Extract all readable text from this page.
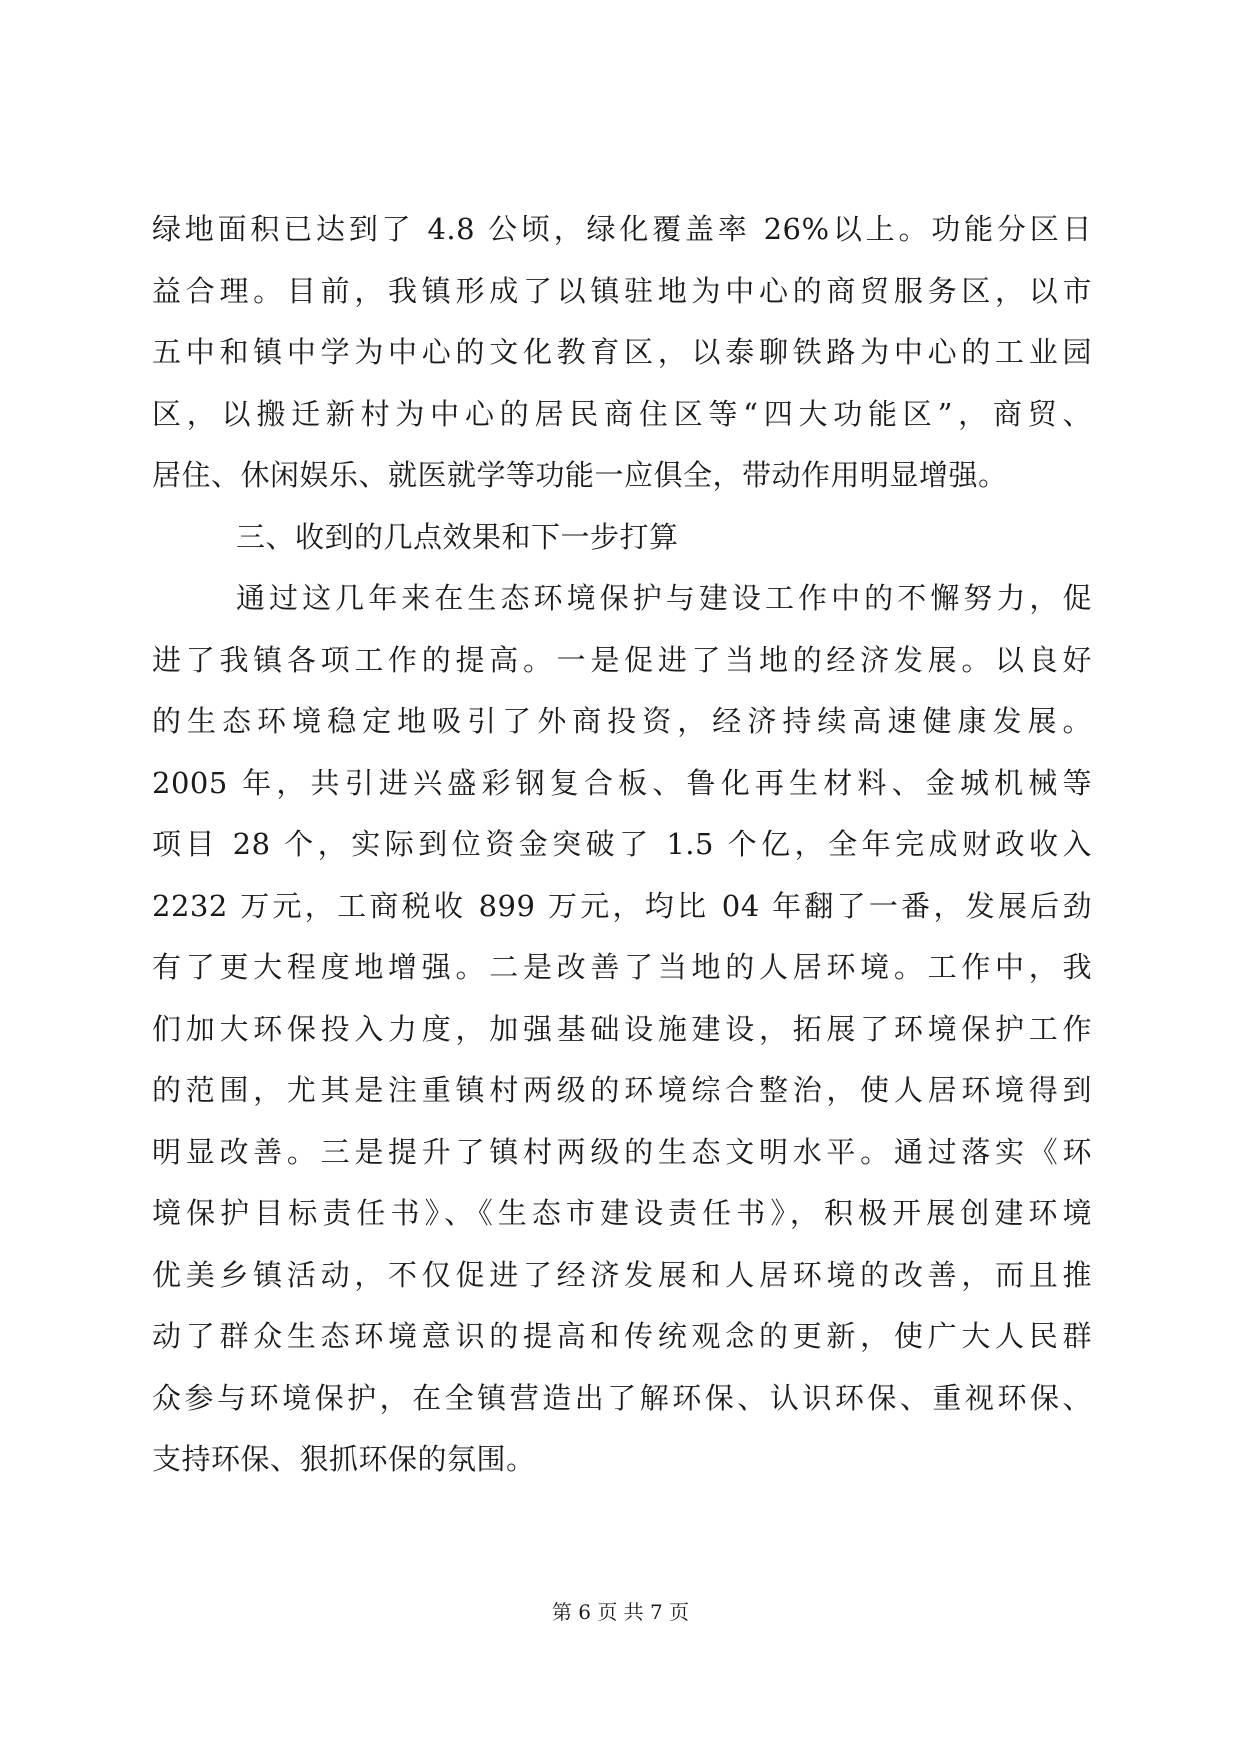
绿地面积已达到了 4.8 公顷，绿化覆盖率 26%以上。功能分区日
益合理。目前，我镇形成了以镇驻地为中心的商贸服务区，以市
五中和镇中学为中心的文化教育区，以泰聊铁路为中心的工业园
区，以搬迁新村为中心的居民商住区等“四大功能区”，商贸、
居住、休闲娱乐、就医就学等功能一应俱全，带动作用明显增强。
三、收到的几点效果和下一步打算
通过这几年来在生态环境保护与建设工作中的不懈努力，促
进了我镇各项工作的提高。一是促进了当地的经济发展。以良好
的生态环境稳定地吸引了外商投资，经济持续高速健康发展。
2005 年，共引进兴盛彩钢复合板、鲁化再生材料、金城机械等
项目 28 个，实际到位资金突破了 1.5 个亿，全年完成财政收入
2232 万元，工商税收 899 万元，均比 04 年翻了一番，发展后劲
有了更大程度地增强。二是改善了当地的人居环境。工作中，我
们加大环保投入力度，加强基础设施建设，拓展了环境保护工作
的范围，尤其是注重镇村两级的环境综合整治，使人居环境得到
明显改善。三是提升了镇村两级的生态文明水平。通过落实《环
境保护目标责任书》、《生态市建设责任书》，积极开展创建环境
优美乡镇活动，不仅促进了经济发展和人居环境的改善，而且推
动了群众生态环境意识的提高和传统观念的更新，使广大人民群
众参与环境保护，在全镇营造出了解环保、认识环保、重视环保、
支持环保、狠抓环保的氛围。
第 6 页 共 7 页
